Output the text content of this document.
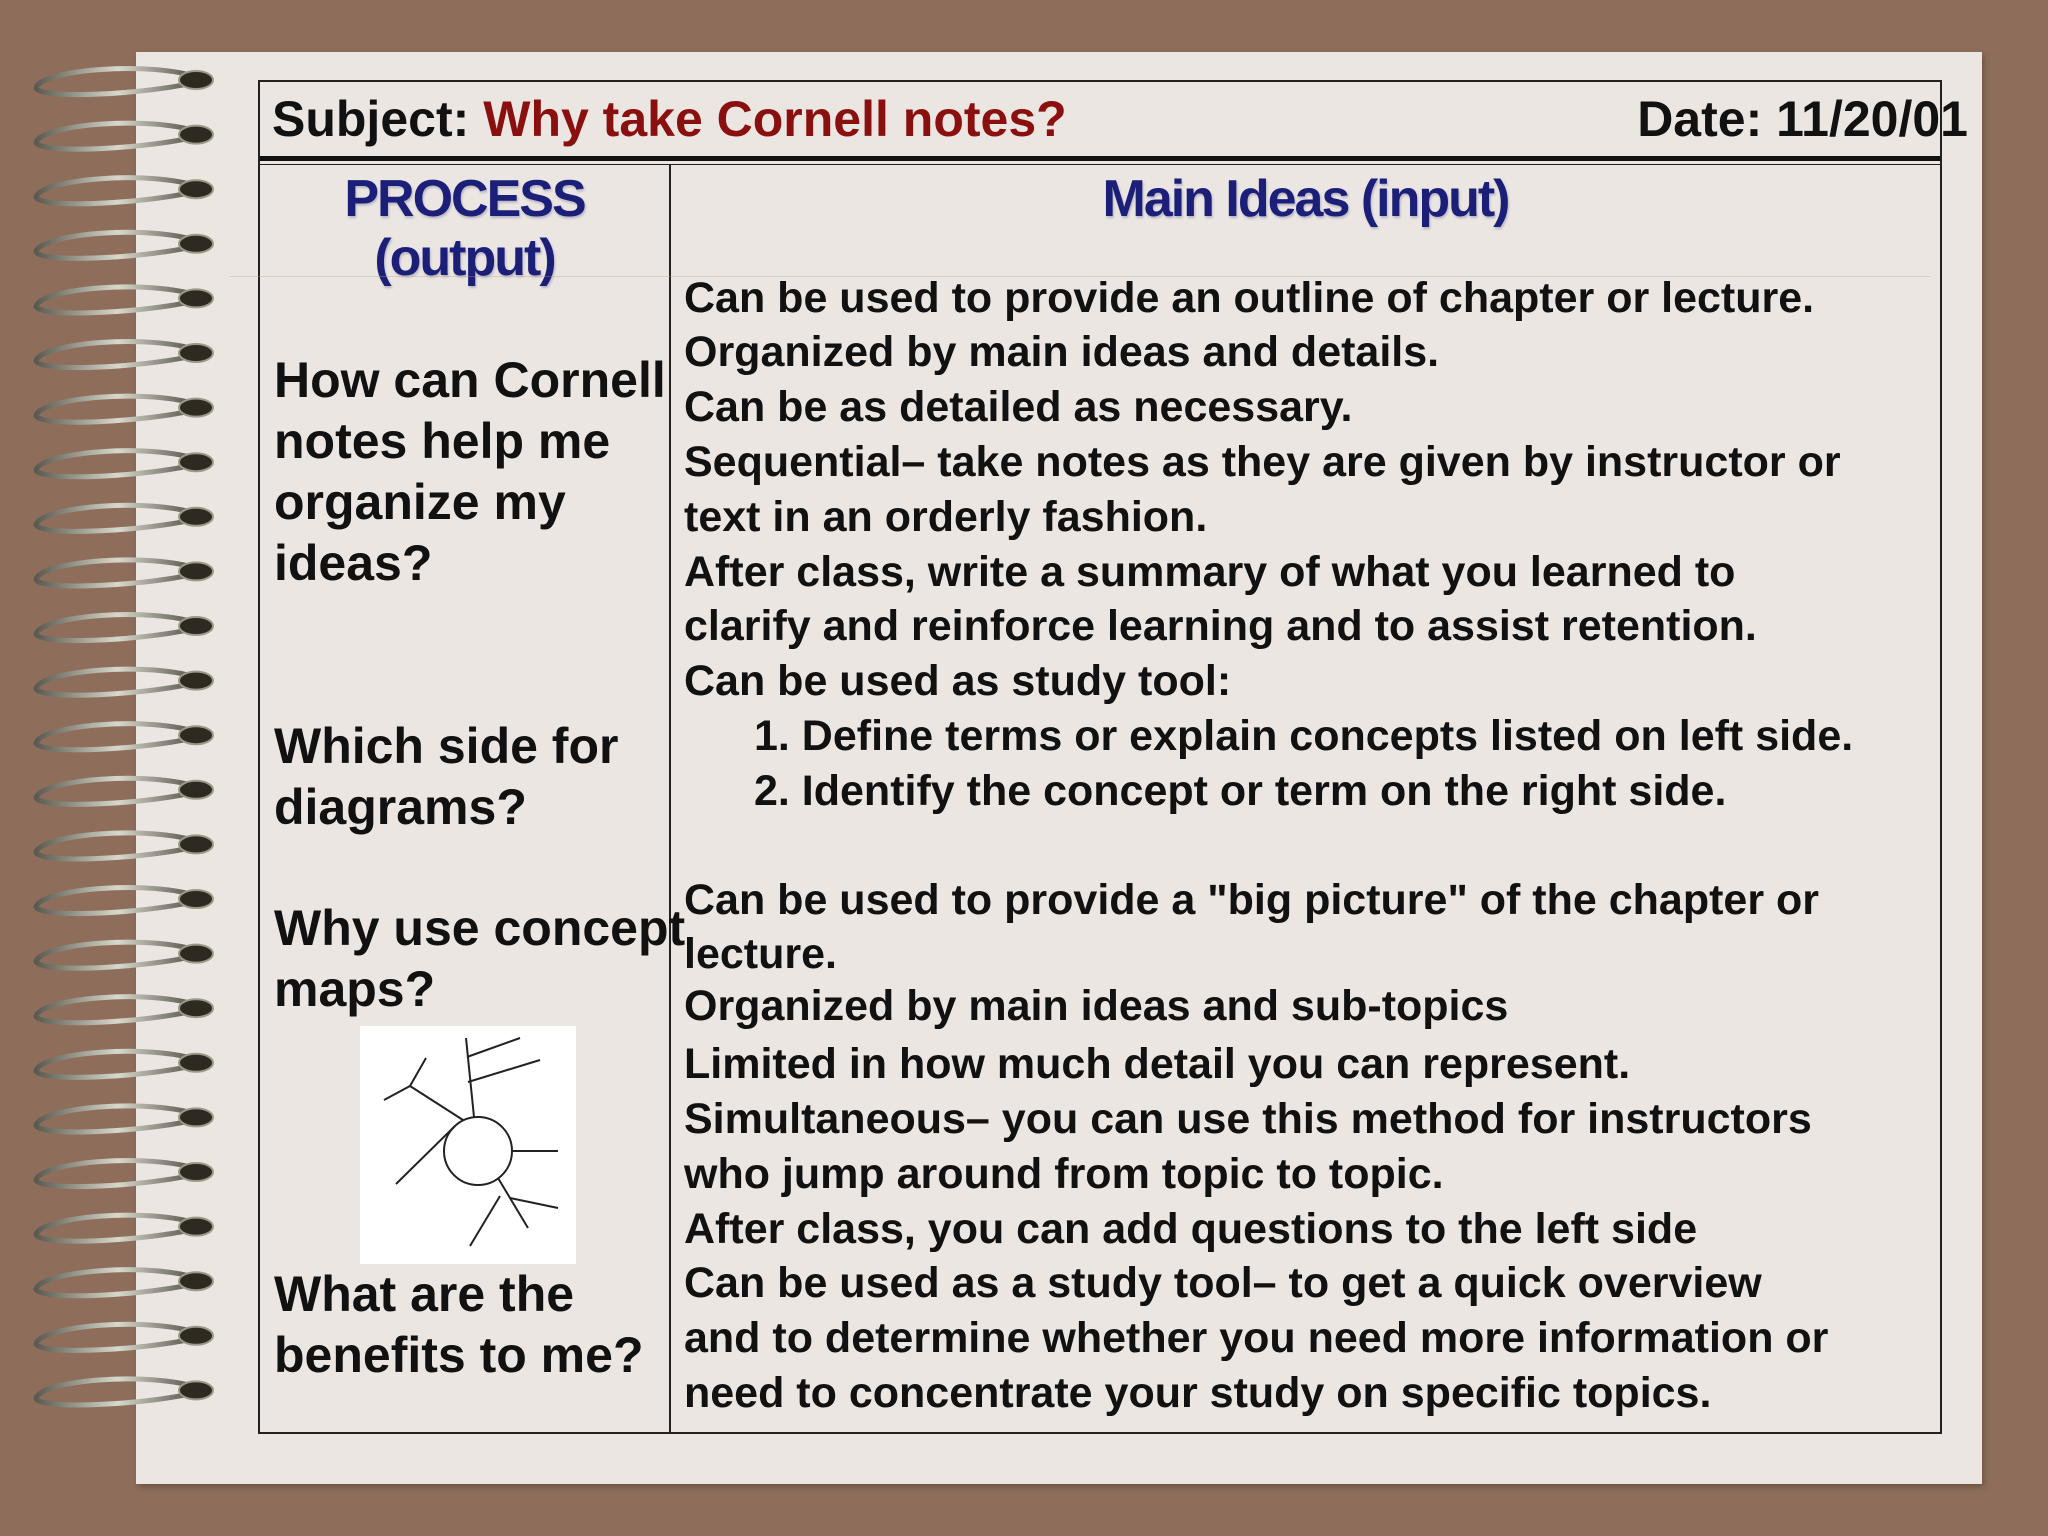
Subject: Why take Cornell notes?	Date: 11/20/01
PROCESS
(output)
Main Ideas (input)
How can Cornell notes help me organize my ideas?
Which side for diagrams?
Why use concept maps?
What are the benefits to me?
Can be used to provide an outline of chapter or lecture.
Organized by main ideas and details.
Can be as detailed as necessary.
Sequential– take notes as they are given by instructor or
text in an orderly fashion.
After class, write a summary of what you learned to
clarify and reinforce learning and to assist retention.
Can be used as study tool:
1. Define terms or explain concepts listed on left side.
2. Identify the concept or term on the right side.
Can be used to provide a "big picture" of the chapter or
lecture.
Organized by main ideas and sub-topics
Limited in how much detail you can represent.
Simultaneous– you can use this method for instructors
who jump around from topic to topic.
After class, you can add questions to the left side
Can be used as a study tool– to get a quick overview
and to determine whether you need more information or
need to concentrate your study on specific topics.
